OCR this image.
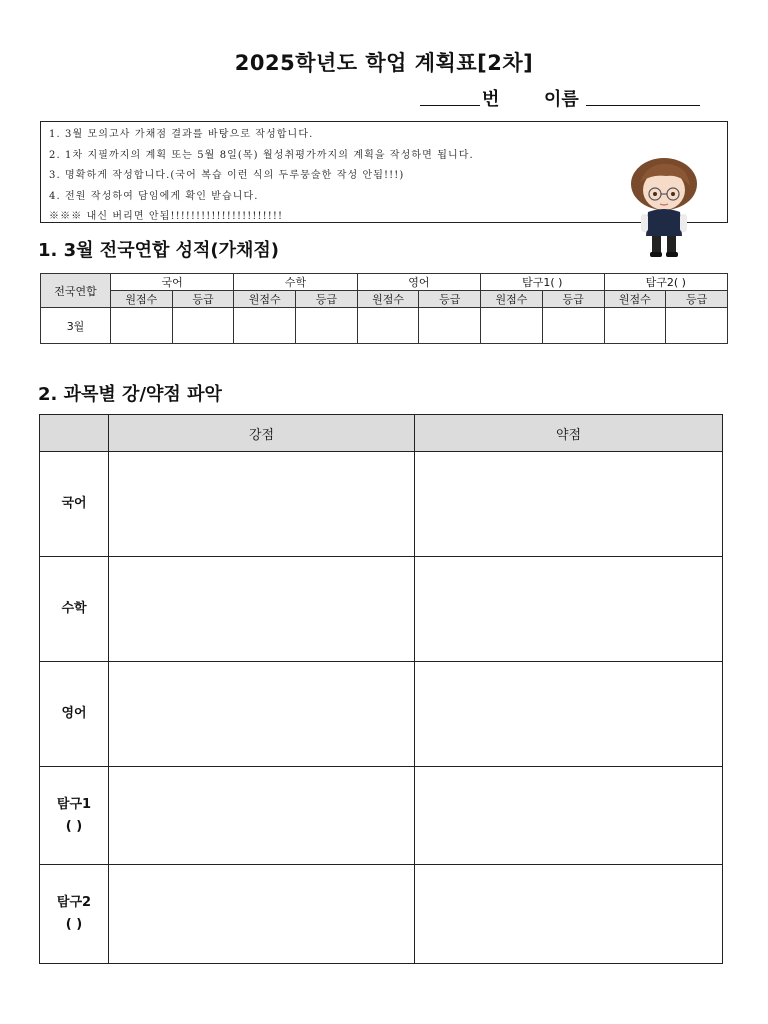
2025학년도 학업 계획표[2차]
번 이름
1. 3월 모의고사 가채점 결과를 바탕으로 작성합니다.
2. 1차 지필까지의 계획 또는 5월 8일(목) 월성취평가까지의 계획을 작성하면 됩니다.
3. 명확하게 작성합니다.(국어 복습 이런 식의 두루뭉술한 작성 안됨!!!)
4. 전원 작성하여 담임에게 확인 받습니다.
※※※ 내신 버리면 안됨!!!!!!!!!!!!!!!!!!!!!!
1. 3월 전국연합 성적(가채점)
전국연합	국어		수학		영어		탐구1( )		탐구2( )	
	원점수	등급	원점수	등급	원점수	등급	원점수	등급	원점수	등급
3월										
2. 과목별 강/약점 파악
	강점	약점

국어		

수학		

영어		

탐구1
( )		

탐구2
( )		
